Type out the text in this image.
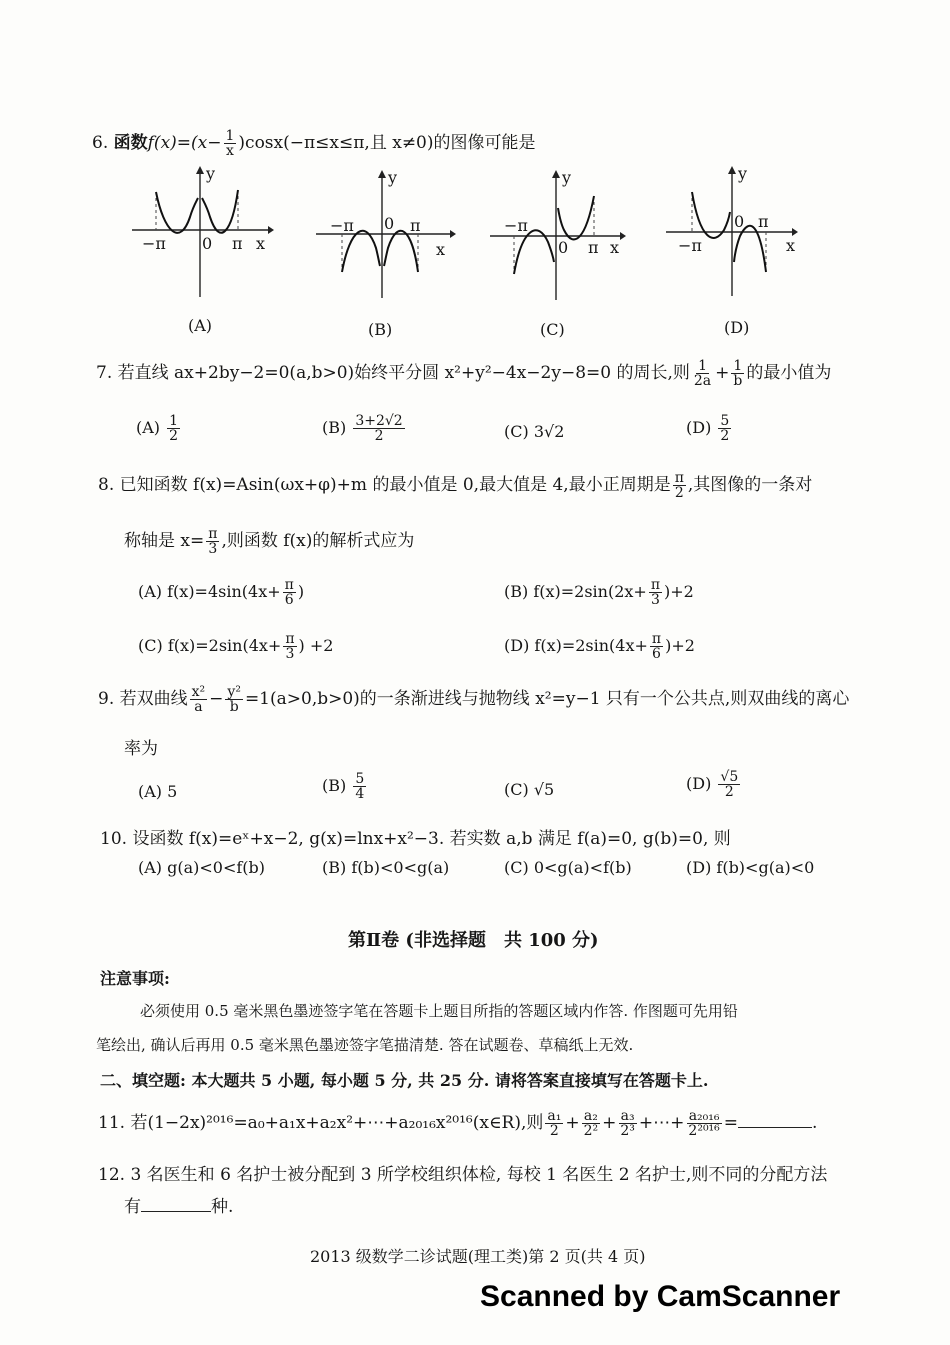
6. 函数$f(x)=(x- \frac{1}{x} )\cos x(-\pi\le x\le\pi$,且 x≠0)的图像可能是
y
−π 0 π x
(A)
y
−π 0 π
x
(B)
y
−π
0 π x
(C)
y
−π
0 π
x
(D)
7. 若直线 ax+2by−2=0(a,b>0)始终平分圆 x²+y²−4x−2y−8=0 的周长,则 $\frac{1}{2a} + \frac{1}{b}$ 的最小值为
$(A) \frac{1}{2}$	$(B) \frac{3+2√2}{2}$	(C) 3√2	$(D) \frac{5}{2}$
8. 已知函数 f(x)=Asin(ωx+φ)+m 的最小值是 0,最大值是 4,最小正周期是 $\frac{\pi}{2}$ ,其图像的一条对
称轴是 $x= \frac{\pi}{3}$ ,则函数 f(x)的解析式应为
(A) $f(x)=4\sin(4x+ \frac{\pi}{6}$ )	(B) $f(x)=2\sin(2x+ \frac{\pi}{3} )+2$
(C) $f(x)=2\sin(4x+ \frac{\pi}{3}$ ) +2	(D) $f(x)=2\sin(4x+ \frac{\pi}{6} )+2$
9. 若双曲线 $\frac{\text{x²}}{a} - \frac{\text{y²}}{b} =1(a>0,b>0)$的一条渐进线与抛物线 x²=y−1 只有一个公共点,则双曲线的离心
率为
(A) 5	$(B) \frac{5}{4}$	(C) √5	$(D) \frac{√5}{2}$
10. 设函数 f(x)=eˣ+x−2, g(x)=lnx+x²−3. 若实数 a,b 满足 f(a)=0, g(b)=0, 则
(A) g(a)<0<f(b)	(B) f(b)<0<g(a)	(C) 0<g(a)<f(b)	(D) f(b)<g(a)<0
第Ⅱ卷 (非选择题　共 100 分)
注意事项:
必须使用 0.5 毫米黑色墨迹签字笔在答题卡上题目所指的答题区域内作答. 作图题可先用铅
笔绘出, 确认后再用 0.5 毫米黑色墨迹签字笔描清楚. 答在试题卷、草稿纸上无效.
二、填空题: 本大题共 5 小题, 每小题 5 分, 共 25 分. 请将答案直接填写在答题卡上.
11. 若(1−2x)²⁰¹⁶=a₀+a₁x+a₂x²+⋯+a₂₀₁₆x²⁰¹⁶(x∈R),则 $\frac{\text{a₁}}{2} + \frac{\text{a₂}}{\text{2²}} + \frac{\text{a₃}}{\text{2³}}$ +⋯+ $\frac{\text{a₂₀₁₆}}{\text{2²⁰¹⁶}}$ =	.
12. 3 名医生和 6 名护士被分配到 3 所学校组织体检, 每校 1 名医生 2 名护士,则不同的分配方法
有	种.
2013 级数学二诊试题(理工类)第 2 页(共 4 页)
Scanned by CamScanner
